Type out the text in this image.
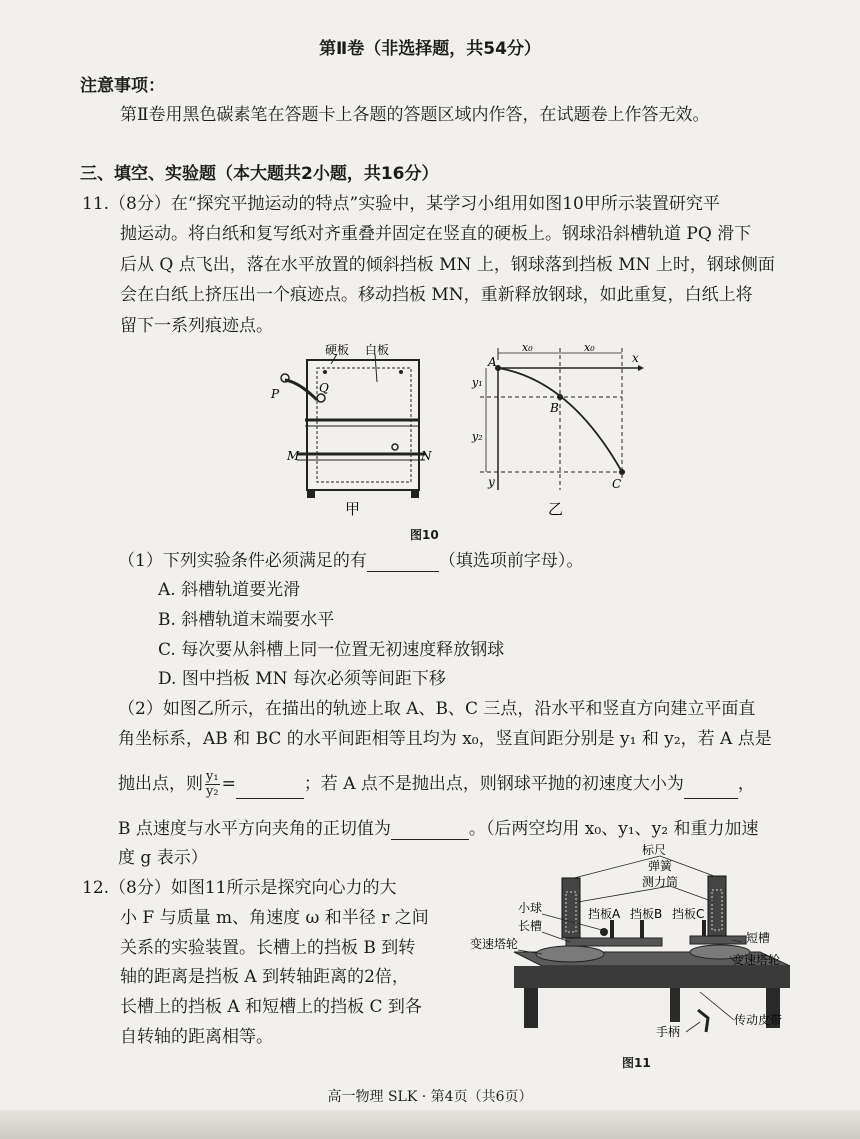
第Ⅱ卷（非选择题，共54分）
注意事项：
第Ⅱ卷用黑色碳素笔在答题卡上各题的答题区域内作答，在试题卷上作答无效。
三、填空、实验题（本大题共2小题，共16分）
11.（8分）在“探究平抛运动的特点”实验中，某学习小组用如图10甲所示装置研究平
抛运动。将白纸和复写纸对齐重叠并固定在竖直的硬板上。钢球沿斜槽轨道 PQ 滑下
后从 Q 点飞出，落在水平放置的倾斜挡板 MN 上，钢球落到挡板 MN 上时，钢球侧面
会在白纸上挤压出一个痕迹点。移动挡板 MN，重新释放钢球，如此重复，白纸上将
留下一系列痕迹点。
硬板 白板
P	Q
M	N
甲
A
B
C
x
y
x₀	x₀
y₁
y₂
乙
图10
（1）下列实验条件必须满足的有	（填选项前字母）。
A. 斜槽轨道要光滑
B. 斜槽轨道末端要水平
C. 每次要从斜槽上同一位置无初速度释放钢球
D. 图中挡板 MN 每次必须等间距下移
（2）如图乙所示，在描出的轨迹上取 A、B、C 三点，沿水平和竖直方向建立平面直
角坐标系，AB 和 BC 的水平间距相等且均为 x₀，竖直间距分别是 y₁ 和 y₂，若 A 点是
抛出点，则 $\frac{\text{y₁}}{\text{y₂}}$ =	；若 A 点不是抛出点，则钢球平抛的初速度大小为	，
B 点速度与水平方向夹角的正切值为	。（后两空均用 x₀、y₁、y₂ 和重力加速
度 g 表示）
12.（8分）如图11所示是探究向心力的大
小 F 与质量 m、角速度 ω 和半径 r 之间
关系的实验装置。长槽上的挡板 B 到转
轴的距离是挡板 A 到转轴距离的2倍，
长槽上的挡板 A 和短槽上的挡板 C 到各
自转轴的距离相等。
标尺
弹簧
测力筒
小球
长槽
挡板A 挡板B 挡板C
短槽
变速塔轮
变速塔轮
手柄
传动皮带
图11
高一物理 SLK · 第4页（共6页）
